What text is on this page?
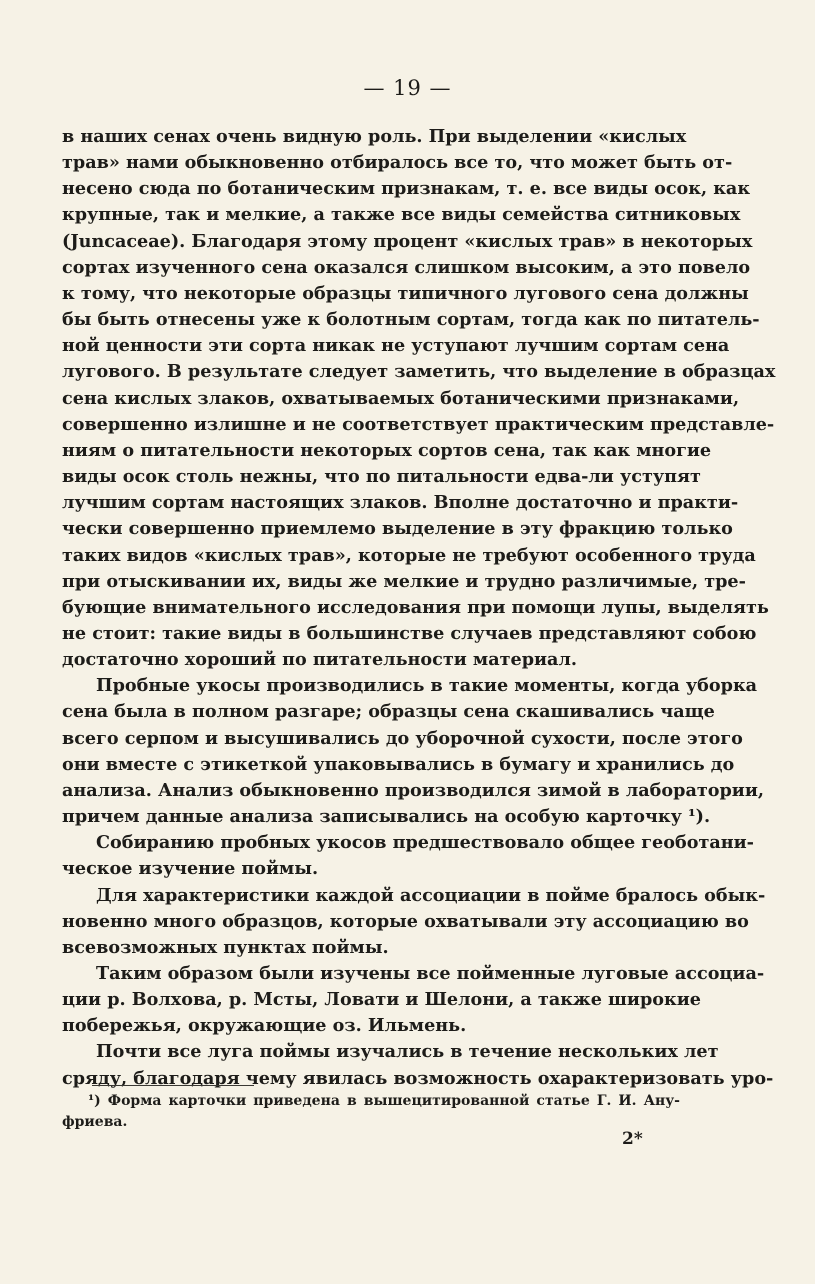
— 19 —
в наших сенах очень видную роль. При выделении «кислых
трав» нами обыкновенно отбиралось все то, что может быть от-
несено сюда по ботаническим признакам, т. е. все виды осок, как
крупные, так и мелкие, а также все виды семейства ситниковых
(Juncaceae). Благодаря этому процент «кислых трав» в некоторых
сортах изученного сена оказался слишком высоким, а это повело
к тому, что некоторые образцы типичного лугового сена должны
бы быть отнесены уже к болотным сортам, тогда как по питатель-
ной ценности эти сорта никак не уступают лучшим сортам сена
лугового. В результате следует заметить, что выделение в образцах
сена кислых злаков, охватываемых ботаническими признаками,
совершенно излишне и не соответствует практическим представле-
ниям о питательности некоторых сортов сена, так как многие
виды осок столь нежны, что по питальности едва-ли уступят
лучшим сортам настоящих злаков. Вполне достаточно и практи-
чески совершенно приемлемо выделение в эту фракцию только
таких видов «кислых трав», которые не требуют особенного труда
при отыскивании их, виды же мелкие и трудно различимые, тре-
бующие внимательного исследования при помощи лупы, выделять
не стоит: такие виды в большинстве случаев представляют собою
достаточно хороший по питательности материал.
Пробные укосы производились в такие моменты, когда уборка
сена была в полном разгаре; образцы сена скашивались чаще
всего серпом и высушивались до уборочной сухости, после этого
они вместе с этикеткой упаковывались в бумагу и хранились до
анализа. Анализ обыкновенно производился зимой в лаборатории,
причем данные анализа записывались на особую карточку ¹).
Собиранию пробных укосов предшествовало общее геоботани-
ческое изучение поймы.
Для характеристики каждой ассоциации в пойме бралось обык-
новенно много образцов, которые охватывали эту ассоциацию во
всевозможных пунктах поймы.
Таким образом были изучены все пойменные луговые ассоциа-
ции р. Волхова, р. Мсты, Ловати и Шелони, а также широкие
побережья, окружающие оз. Ильмень.
Почти все луга поймы изучались в течение нескольких лет
сряду, благодаря чему явилась возможность охарактеризовать уро-
¹) Форма карточки приведена в вышецитированной статье Г. И. Ану-
фриева.
2*
